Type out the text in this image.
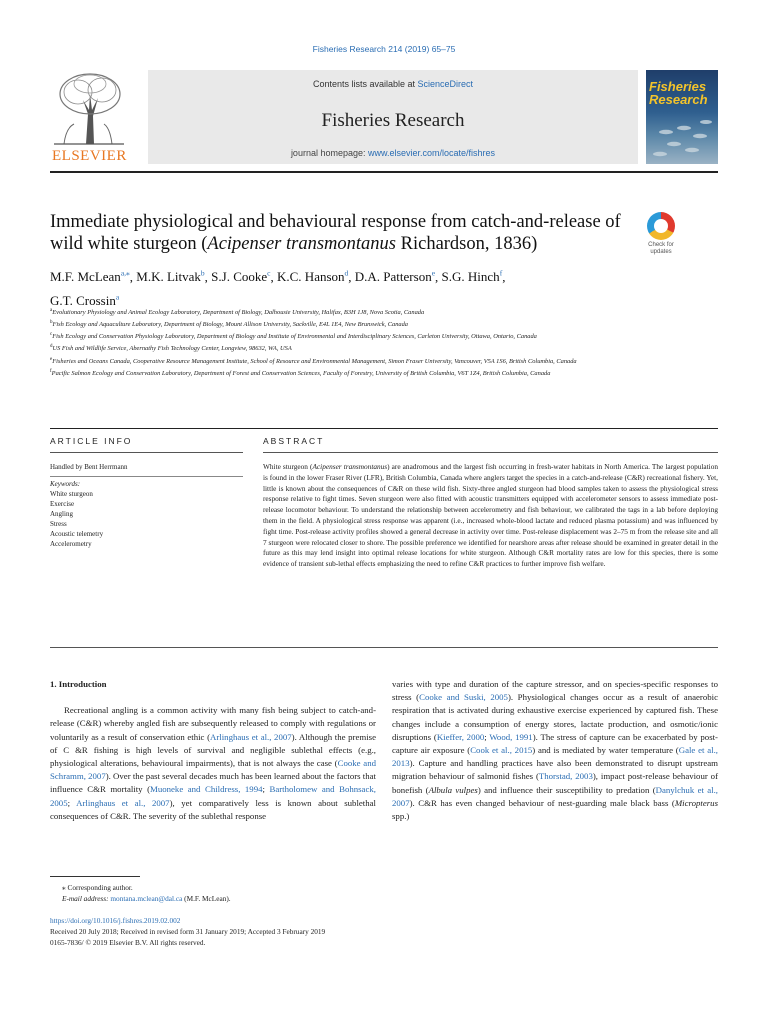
Fisheries Research 214 (2019) 65–75
ELSEVIER
Contents lists available at ScienceDirect
Fisheries Research
journal homepage: www.elsevier.com/locate/fishres
Fisheries Research
Immediate physiological and behavioural response from catch-and-release of wild white sturgeon (Acipenser transmontanus Richardson, 1836)	Check for updates
M.F. McLean$^{a,⁎}$, M.K. Litvak$^b$, S.J. Cooke$^c$, K.C. Hanson$^d$, D.A. Patterson$^e$, S.G. Hinch$^f$,
G.T. Crossin$^a$
$^a$Evolutionary Physiology and Animal Ecology Laboratory, Department of Biology, Dalhousie University, Halifax, B3H 1J8, Nova Scotia, Canada
$^b$Fish Ecology and Aquaculture Laboratory, Department of Biology, Mount Allison University, Sackville, E4L 1E4, New Brunswick, Canada
$^c$Fish Ecology and Conservation Physiology Laboratory, Department of Biology and Institute of Environmental and Interdisciplinary Sciences, Carleton University, Ottawa, Ontario, Canada
$^d$US Fish and Wildlife Service, Abernathy Fish Technology Center, Longview, 98632, WA, USA
$^e$Fisheries and Oceans Canada, Cooperative Resource Management Institute, School of Resource and Environmental Management, Simon Fraser University, Vancouver, V5A 1S6, British Columbia, Canada
$^f$Pacific Salmon Ecology and Conservation Laboratory, Department of Forest and Conservation Sciences, Faculty of Forestry, University of British Columbia, V6T 1Z4, British Columbia, Canada
ARTICLE INFO	ABSTRACT
Handled by Bent Herrmann
Keywords:
White sturgeon
Exercise
Angling
Stress
Acoustic telemetry
Accelerometry
White sturgeon (Acipenser transmontanus) are anadromous and the largest fish occurring in fresh-water habitats in North America. The largest population is found in the lower Fraser River (LFR), British Columbia, Canada where anglers target the species in a catch-and-release (C&R) recreational fishery. Yet, little is known about the consequences of C&R on these wild fish. Sixty-three angled sturgeon had blood samples taken to assess the physiological stress response relative to fight times. Seven sturgeon were also fitted with acoustic transmitters equipped with accelerometer sensors to assess immediate post-release locomotor behaviour. To understand the relationship between accelerometry and fish behaviour, we calibrated the tags in a lab before deploying them in the field. A physiological stress response was apparent (i.e., increased whole-blood lactate and reduced plasma potassium) and was influenced by fight time. Post-release activity profiles showed a general decrease in activity over time. Post-release displacement was 2–75 m from the release site and all 7 sturgeon were relocated closer to shore. The possible preference we identified for nearshore areas after release should be examined in greater detail in the future as this may lend insight into optimal release locations for white sturgeon. Although C&R mortality rates are low for this species, there is some evidence of transient sub-lethal effects emphasizing the need to refine C&R practices to further improve fish welfare.
1. Introduction

Recreational angling is a common activity with many fish being subject to catch-and-release (C&R) whereby angled fish are subsequently released to comply with regulations or voluntarily as a result of conservation ethic (Arlinghaus et al., 2007). Although the premise of C &R fishing is high levels of survival and negligible sublethal effects (e.g., physiological alterations, behavioural impairments), that is not always the case (Cooke and Schramm, 2007). Over the past several decades much has been learned about the factors that influence C&R mortality (Muoneke and Childress, 1994; Bartholomew and Bohnsack, 2005; Arlinghaus et al., 2007), yet comparatively less is known about sublethal consequences of C&R. The severity of the sublethal response

varies with type and duration of the capture stressor, and on species-specific responses to stress (Cooke and Suski, 2005). Physiological changes occur as a result of anaerobic respiration that is activated during exhaustive exercise experienced by captured fish. These changes include a consumption of energy stores, lactate production, and osmotic/ionic disruptions (Kieffer, 2000; Wood, 1991). The stress of capture can be exacerbated by post-capture air exposure (Cook et al., 2015) and is mediated by water temperature (Gale et al., 2013). Capture and handling practices have also been demonstrated to disrupt upstream migration behaviour of salmonid fishes (Thorstad, 2003), impact post-release behaviour of bonefish (Albula vulpes) and influence their susceptibility to predation (Danylchuk et al., 2007). C&R has even changed behaviour of nest-guarding male black bass (Micropterus spp.)

⁎ Corresponding author.
E-mail address: montana.mclean@dal.ca (M.F. McLean).
https://doi.org/10.1016/j.fishres.2019.02.002
Received 20 July 2018; Received in revised form 31 January 2019; Accepted 3 February 2019
0165-7836/ © 2019 Elsevier B.V. All rights reserved.
